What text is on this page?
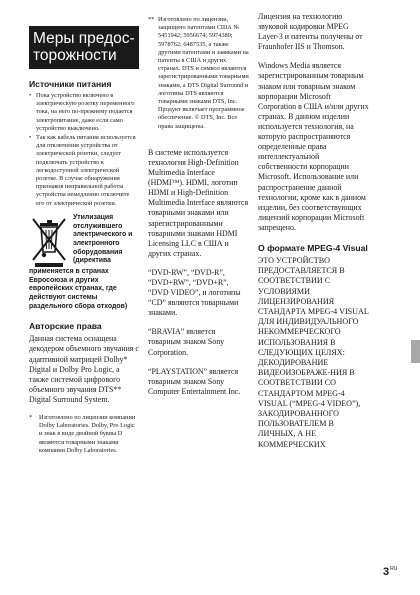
Меры предос-торожности
Источники питания
• Пока устройство включено в электрическую розетку переменного тока, на него по-прежнему подается электропитание, даже если само устройство выключено.
• Так как кабель питания используется для отключения устройства от электрической розетки, следует подключать устройство к легкодоступной электрической розетке. В случае обнаружения признаков неправильной работы устройства немедленно отключите его от электрической розетки.
Утилизация отслужившего электрического и электронного оборудования (директива
применяется в странах Евросоюза и других европейских странах, где действуют системы раздельного сбора отходов)
Авторские права
Данная система оснащена декодером объемного звучания с адаптивной матрицей Dolby* Digital и Dolby Pro Logic, а также системой цифрового объемного звучания DTS** Digital Surround System.
* Изготовлено по лицензии компании Dolby Laboratories. Dolby, Pro Logic и знак в виде двойной буквы D являются товарными знаками компании Dolby Laboratories.
** Изготовлено по лицензии, защищено патентами США № 5451942; 5956674; 5974380; 5978762; 6487535, а также другими патентами и заявками на патенты в США и других странах. DTS и символ являются зарегистрированными товарными знаками, а DTS Digital Surround и логотипы DTS являются товарными знаками DTS, Inc. Продукт включает программное обеспечение. © DTS, Inc. Все права защищены.
В системе используется технология High-Definition Multimedia Interface (HDMI™). HDMI, логотип HDMI и High-Definition Multimedia Interface являются товарными знаками или зарегистрированными товарными знаками HDMI Licensing LLC в США и других странах.
“DVD-RW”, “DVD-R”, “DVD+RW”, “DVD+R”, “DVD VIDEO”, и логотипы “CD” являются товарными знаками.
“BRAVIA” является товарным знаком Sony Corporation.
“PLAYSTATION” является товарным знаком Sony Computer Entertainment Inc.
Лицензия на технологию звуковой кодировки MPEG Layer-3 и патенты получены от Fraunhofer IIS и Thomson.
Windows Media является зарегистрированным товарным знаком или товарным знаком корпорации Microsoft Corporation в США и/или других странах. В данном изделии используется технология, на которую распространяются определенные права интеллектуальной собственности корпорации Microsoft. Использование или распространение данной технологии, кроме как в данном изделии, без соответствующих лицензий корпорации Microsoft запрещено.
О формате MPEG-4 Visual
ЭТО УСТРОЙСТВО ПРЕДОСТАВЛЯЕТСЯ В СООТВЕТСТВИИ С УСЛОВИЯМИ ЛИЦЕНЗИРОВАНИЯ СТАНДАРТА MPEG-4 VISUAL ДЛЯ ИНДИВИДУАЛЬНОГО НЕКОММЕРЧЕСКОГО ИСПОЛЬЗОВАНИЯ В СЛЕДУЮЩИХ ЦЕЛЯХ: ДЕКОДИРОВАНИЕ ВИДЕОИЗОБРАЖЕ-НИЯ В СООТВЕТСТВИИ СО СТАНДАРТОМ MPEG-4 VISUAL (“MPEG-4 VIDEO”), ЗАКОДИРОВАННОГО ПОЛЬЗОВАТЕЛЕМ В ЛИЧНЫХ, А НЕ КОММЕРЧЕСКИХ
$3^{RU}$
